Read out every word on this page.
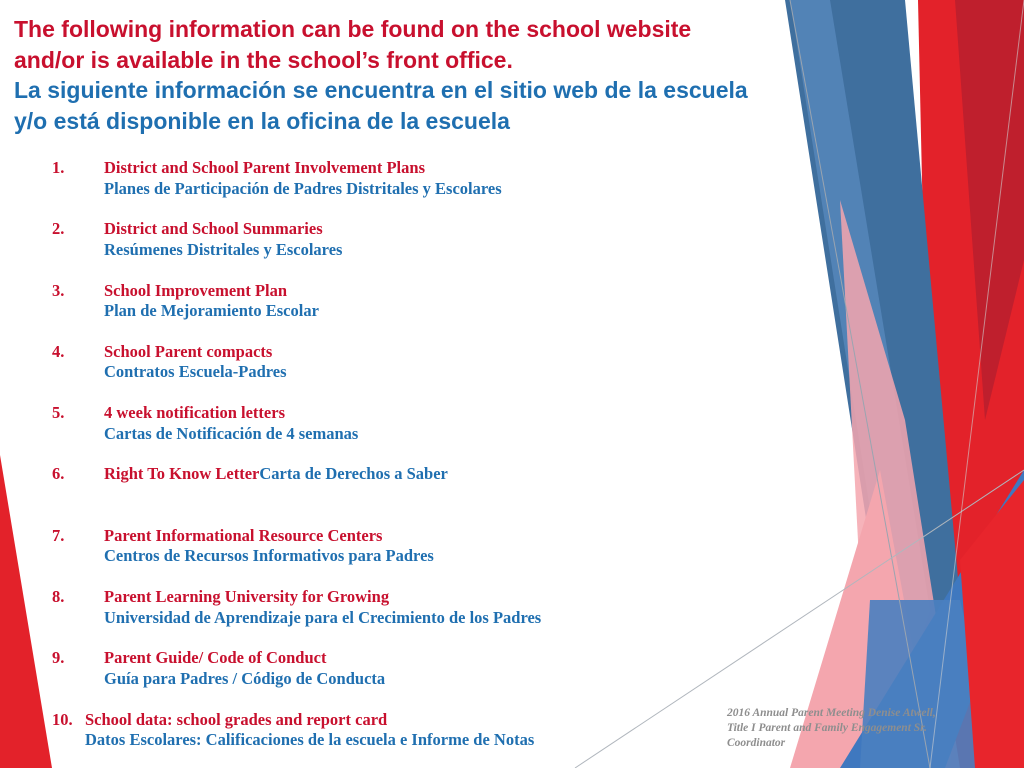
The following information can be found on the school website
and/or is available in the school’s front office.
La siguiente información se encuentra en el sitio web de la escuela
y/o está disponible en la oficina de la escuela
1. District and School Parent Involvement Plans
Planes de Participación de Padres Distritales y Escolares
2. District and School Summaries
Resúmenes Distritales y Escolares
3. School Improvement Plan
Plan de Mejoramiento Escolar
4. School Parent compacts
Contratos Escuela-Padres
5. 4 week notification letters
Cartas de Notificación de 4 semanas
6. Right To Know LetterCarta de Derechos a Saber
7. Parent Informational Resource Centers
Centros de Recursos Informativos para Padres
8. Parent Learning University for Growing
Universidad de Aprendizaje para el Crecimiento de los Padres
9. Parent Guide/ Code of Conduct
Guía para Padres / Código de Conducta
10. School data: school grades and report card
Datos Escolares: Calificaciones de la escuela e Informe de Notas
2016 Annual Parent Meeting Denise Atwell,
Title I Parent and Family Engagement Sr.
Coordinator
